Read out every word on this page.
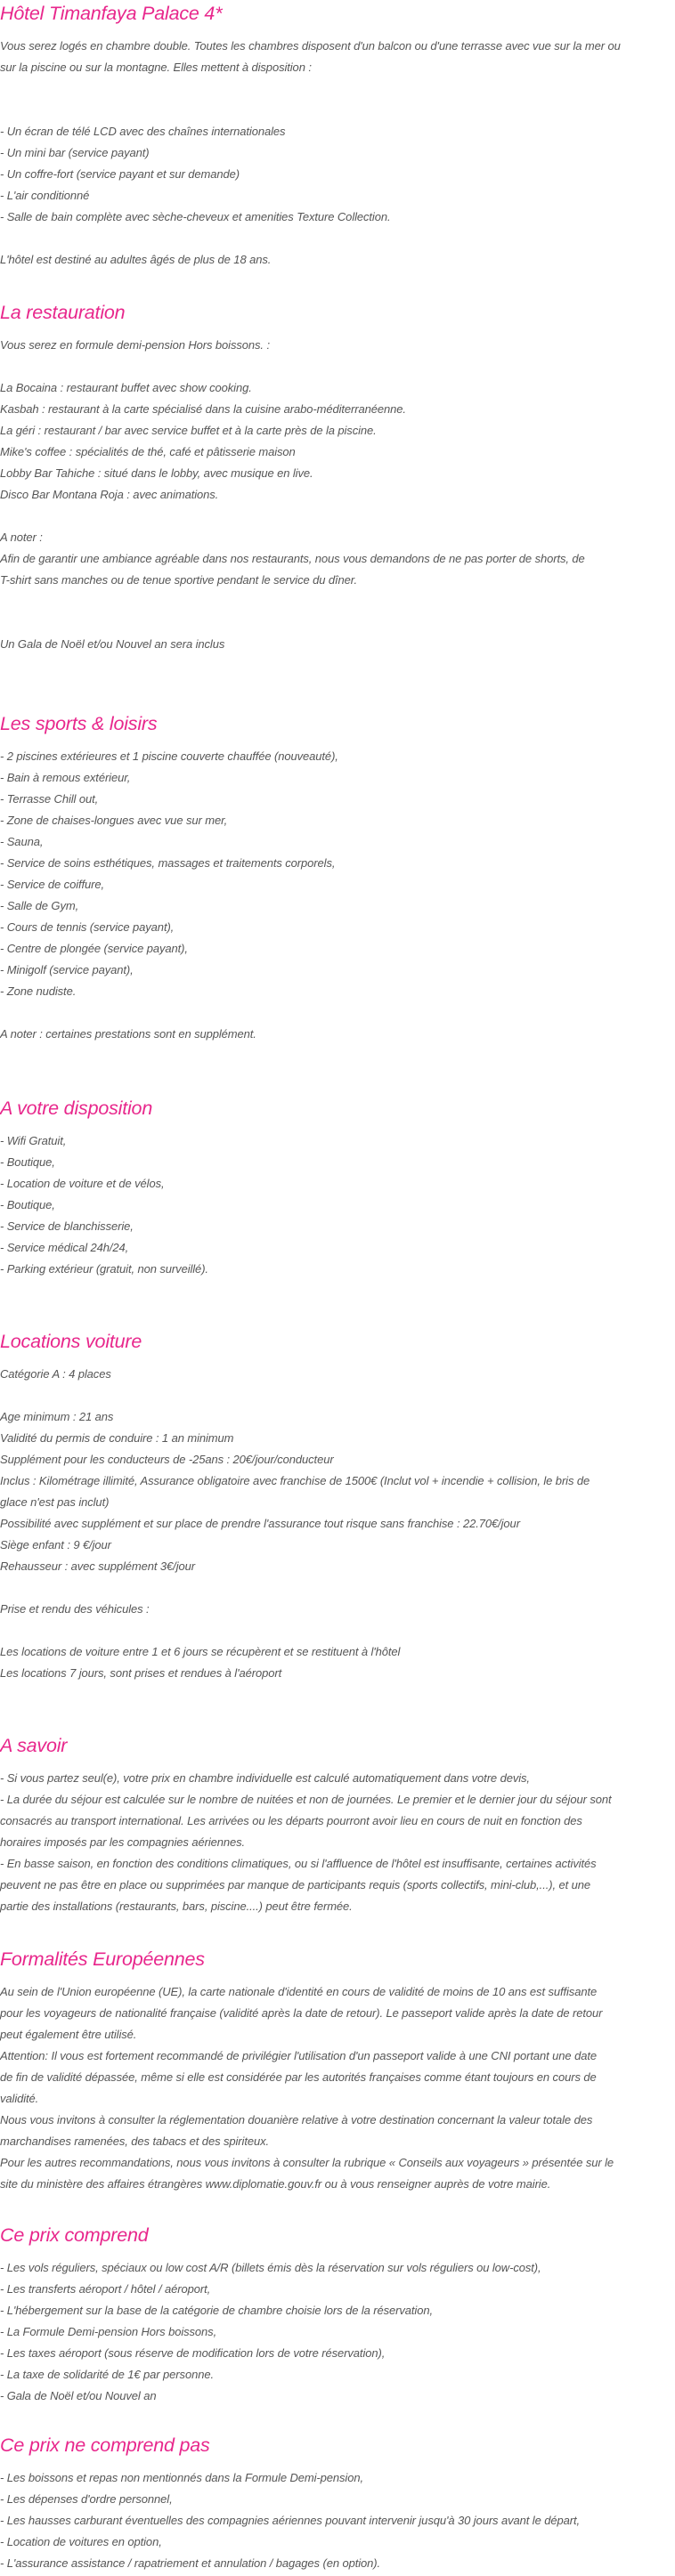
Hôtel Timanfaya Palace 4*
Vous serez logés en chambre double. Toutes les chambres disposent d'un balcon ou d'une terrasse avec vue sur la mer ou
sur la piscine ou sur la montagne. Elles mettent à disposition :
- Un écran de télé LCD avec des chaînes internationales
- Un mini bar (service payant)
- Un coffre-fort (service payant et sur demande)
- L'air conditionné
- Salle de bain complète avec sèche-cheveux et amenities Texture Collection.
L'hôtel est destiné au adultes âgés de plus de 18 ans.
La restauration
Vous serez en formule demi-pension Hors boissons. :
La Bocaina : restaurant buffet avec show cooking.
Kasbah : restaurant à la carte spécialisé dans la cuisine arabo-méditerranéenne.
La géri : restaurant / bar avec service buffet et à la carte près de la piscine.
Mike's coffee : spécialités de thé, café et pâtisserie maison
Lobby Bar Tahiche : situé dans le lobby, avec musique en live.
Disco Bar Montana Roja : avec animations.
A noter :
Afin de garantir une ambiance agréable dans nos restaurants, nous vous demandons de ne pas porter de shorts, de
T-shirt sans manches ou de tenue sportive pendant le service du dîner.
Un Gala de Noël et/ou Nouvel an sera inclus
Les sports & loisirs
- 2 piscines extérieures et 1 piscine couverte chauffée (nouveauté),
- Bain à remous extérieur,
- Terrasse Chill out,
- Zone de chaises-longues avec vue sur mer,
- Sauna,
- Service de soins esthétiques, massages et traitements corporels,
- Service de coiffure,
- Salle de Gym,
- Cours de tennis (service payant),
- Centre de plongée (service payant),
- Minigolf (service payant),
- Zone nudiste.
A noter : certaines prestations sont en supplément.
A votre disposition
- Wifi Gratuit,
- Boutique,
- Location de voiture et de vélos,
- Boutique,
- Service de blanchisserie,
- Service médical 24h/24,
- Parking extérieur (gratuit, non surveillé).
Locations voiture
Catégorie A : 4 places
Age minimum : 21 ans
Validité du permis de conduire : 1 an minimum
Supplément pour les conducteurs de -25ans : 20€/jour/conducteur
Inclus : Kilométrage illimité, Assurance obligatoire avec franchise de 1500€ (Inclut vol + incendie + collision, le bris de
glace n'est pas inclut)
Possibilité avec supplément et sur place de prendre l'assurance tout risque sans franchise : 22.70€/jour
Siège enfant : 9 €/jour
Rehausseur : avec supplément 3€/jour
Prise et rendu des véhicules :
Les locations de voiture entre 1 et 6 jours se récupèrent et se restituent à l'hôtel
Les locations 7 jours, sont prises et rendues à l'aéroport
A savoir
- Si vous partez seul(e), votre prix en chambre individuelle est calculé automatiquement dans votre devis,
- La durée du séjour est calculée sur le nombre de nuitées et non de journées. Le premier et le dernier jour du séjour sont
consacrés au transport international. Les arrivées ou les départs pourront avoir lieu en cours de nuit en fonction des
horaires imposés par les compagnies aériennes.
- En basse saison, en fonction des conditions climatiques, ou si l'affluence de l'hôtel est insuffisante, certaines activités
peuvent ne pas être en place ou supprimées par manque de participants requis (sports collectifs, mini-club,...), et une
partie des installations (restaurants, bars, piscine....) peut être fermée.
Formalités Européennes
Au sein de l'Union européenne (UE), la carte nationale d'identité en cours de validité de moins de 10 ans est suffisante
pour les voyageurs de nationalité française (validité après la date de retour). Le passeport valide après la date de retour
peut également être utilisé.
Attention: Il vous est fortement recommandé de privilégier l'utilisation d'un passeport valide à une CNI portant une date
de fin de validité dépassée, même si elle est considérée par les autorités françaises comme étant toujours en cours de
validité.
Nous vous invitons à consulter la réglementation douanière relative à votre destination concernant la valeur totale des
marchandises ramenées, des tabacs et des spiriteux.
Pour les autres recommandations, nous vous invitons à consulter la rubrique « Conseils aux voyageurs » présentée sur le
site du ministère des affaires étrangères www.diplomatie.gouv.fr ou à vous renseigner auprès de votre mairie.
Ce prix comprend
- Les vols réguliers, spéciaux ou low cost A/R (billets émis dès la réservation sur vols réguliers ou low-cost),
- Les transferts aéroport / hôtel / aéroport,
- L'hébergement sur la base de la catégorie de chambre choisie lors de la réservation,
- La Formule Demi-pension Hors boissons,
- Les taxes aéroport (sous réserve de modification lors de votre réservation),
- La taxe de solidarité de 1€ par personne.
- Gala de Noël et/ou Nouvel an
Ce prix ne comprend pas
- Les boissons et repas non mentionnés dans la Formule Demi-pension,
- Les dépenses d'ordre personnel,
- Les hausses carburant éventuelles des compagnies aériennes pouvant intervenir jusqu'à 30 jours avant le départ,
- Location de voitures en option,
- L'assurance assistance / rapatriement et annulation / bagages (en option).
